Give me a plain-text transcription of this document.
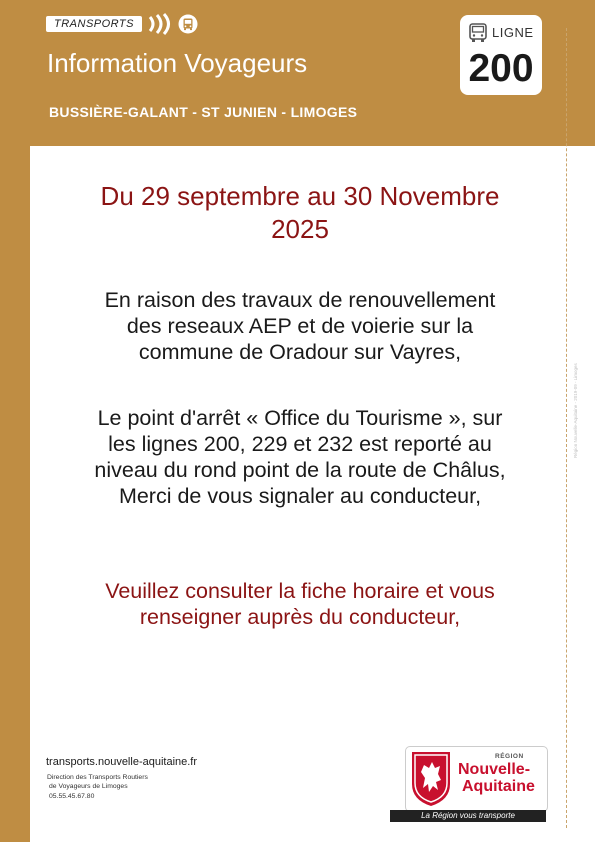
TRANSPORTS
Information Voyageurs
BUSSIÈRE-GALANT - ST JUNIEN - LIMOGES
LIGNE
200
Du 29 septembre au 30 Novembre
2025
En raison des travaux de renouvellement
des reseaux AEP et de voierie sur la
commune de Oradour sur Vayres,
Le point d'arrêt « Office du Tourisme », sur
les lignes 200, 229 et 232 est reporté au
niveau du rond point de la route de Châlus,
Merci de vous signaler au conducteur,
Veuillez consulter la fiche horaire et vous
renseigner auprès du conducteur,
transports.nouvelle-aquitaine.fr
Direction des Transports Routiers
de Voyageurs de Limoges
05.55.45.67.80
RÉGION
Nouvelle-
Aquitaine
La Région vous transporte
Région Nouvelle-Aquitaine - 2019-09 - Limoges
